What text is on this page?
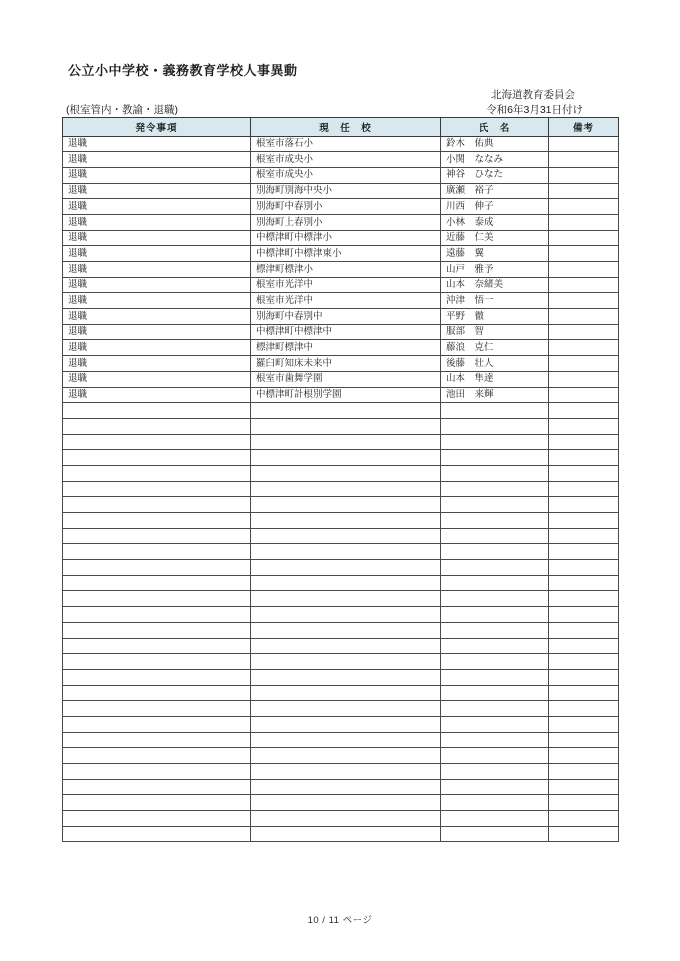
公立小中学校・義務教育学校人事異動
北海道教育委員会
(根室管内・教諭・退職)	令和6年3月31日付け
発令事項	現　任　校	氏　名	備考
退職	根室市落石小	鈴木　佑典	
退職	根室市成央小	小関　ななみ	
退職	根室市成央小	神谷　ひなた	
退職	別海町別海中央小	廣瀬　裕子	
退職	別海町中春別小	川西　伸子	
退職	別海町上春別小	小林　泰成	
退職	中標津町中標津小	近藤　仁美	
退職	中標津町中標津東小	遠藤　翼	
退職	標津町標津小	山戸　雅予	
退職	根室市光洋中	山本　奈緒美	
退職	根室市光洋中	沖津　悟一	
退職	別海町中春別中	平野　徹	
退職	中標津町中標津中	服部　智	
退職	標津町標津中	藤浪　克仁	
退職	羅臼町知床未来中	後藤　壮人	
退職	根室市歯舞学園	山本　隼達	
退職	中標津町計根別学園	池田　来輝	

10 / 11 ページ
